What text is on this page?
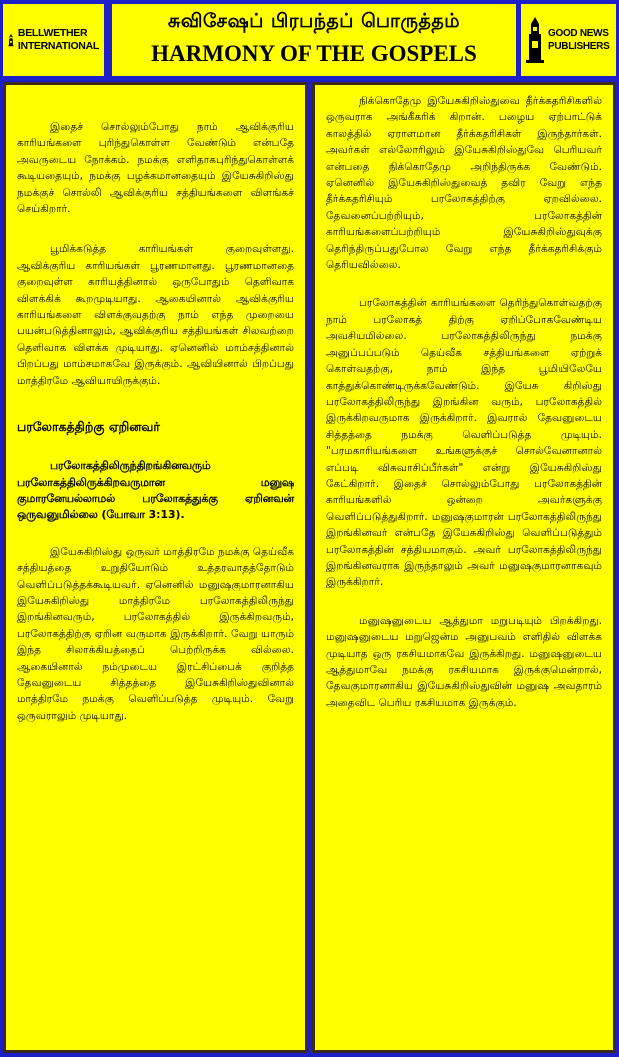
BELLWETHER
INTERNATIONAL
சுவிசேஷப் பிரபந்தப் பொருத்தம்
HARMONY OF THE GOSPELS
GOOD NEWS
PUBLISHERS

இதைச் சொல்லும்போது நாம் ஆவிக்குரிய காரியங்களை புரிந்துகொள்ள வேண்டும் என்பதே அவருடைய நோக்கம். நமக்கு எளிதாகபுரிந்துகொள்ளக் கூடியதையும், நமக்கு பழக்கமானதையும் இயேசுகிறிஸ்து நமக்குச் சொல்லி ஆவிக்குரிய சத்தியங்களை விளங்கச் செய்கிறார்.

பூமிக்கடுத்த காரியங்கள் குறைவுள்ளது. ஆவிக்குரிய காரியங்கள் பூரணமானது. பூரணமானதை குறைவுள்ள காரியத்தினால் ஒருபோதும் தெளிவாக விளக்கிக் கூறமுடியாது. ஆகையினால் ஆவிக்குரிய காரியங்களை விளக்குவதற்கு நாம் எந்த முறையை பயன்படுத்தினாலும், ஆவிக்குரிய சத்தியங்கள் சிலவற்றை தெளிவாக விளக்க முடியாது. ஏனெனில் மாம்சத்தினால் பிறப்பது மாம்சமாகவே இருக்கும். ஆவியினால் பிறப்பது மாத்திரமே ஆவியாயிருக்கும்.

பரலோகத்திற்கு ஏறினவர்

பரலோகத்திலிருந்திறங்கினவரும் பரலோகத்திலிருக்கிறவருமான மனுஷ குமாரனேயல்லாமல் பரலோகத்துக்கு ஏறினவன் ஒருவனுமில்லை (யோவா 3:13).

இயேசுகிறிஸ்து ஒருவர் மாத்திரமே நமக்கு தெய்வீக சத்தியத்தை உறுதியோடும் உத்தரவாதத்தோடும் வெளிப்படுத்தக்கூடியவர். ஏனெனில் மனுஷகுமாரனாகிய இயேசுகிறிஸ்து மாத்திரமே பரலோகத்திலிருந்து இறங்கினவரும், பரலோகத்தில் இருக்கிறவரும், பரலோகத்திற்கு ஏறின வருமாக இருக்கிறார். வேறு யாரும் இந்த சிலாக்கியத்தைப் பெற்றிருக்க வில்லை. ஆகையினால் நம்முடைய இரட்சிப்பைக் குறித்த தேவனுடைய சித்தத்தை இயேசுகிறிஸ்துவினால் மாத்திரமே நமக்கு வெளிப்படுத்த முடியும். வேறு ஒருவராலும் முடியாது.

நிக்கொதேமு இயேசுகிறிஸ்துவை தீர்க்கதரிசிகளில் ஒருவராக அங்கீகரிக் கிறான். பழைய ஏற்பாட்டுக் காலத்தில் ஏராளமான தீர்க்கதரிசிகள் இருந்தார்கள். அவர்கள் எல்லோரிலும் இயேசுகிறிஸ்துவே பெரியவர் என்பதை நிக்கொதேமு அறிந்திருக்க வேண்டும். ஏனெனில் இயேசுகிறிஸ்துவைத் தவிர வேறு எந்த தீர்க்கதரிசியும் பரலோகத்திற்கு ஏறவில்லை. தேவனைப்பற்றியும், பரலோகத்தின் காரியங்களைப்பற்றியும் இயேசுகிறிஸ்துவுக்கு தெரிந்திருப்பதுபோல வேறு எந்த தீர்க்கதரிசிக்கும் தெரியவில்லை.

பரலோகத்தின் காரியங்களை தெரிந்துகொள்வதற்கு நாம் பரலோகத் திற்கு ஏறிப்போகவேண்டிய அவசியமில்லை. பரலோகத்திலிருந்து நமக்கு அனுப்பப்படும் தெய்வீக சத்தியங்களை ஏற்றுக் கொள்வதற்கு, நாம் இந்த பூமியிலேயே காத்துக்கொண்டிருக்கவேண்டும். இயேசு கிறிஸ்து பரலோகத்திலிருந்து இறங்கின வரும், பரலோகத்தில் இருக்கிறவருமாக இருக்கிறார். இவரால் தேவனுடைய சித்தத்தை நமக்கு வெளிப்படுத்த முடியும். "பரமகாரியங்களை உங்களுக்குச் சொல்வேனானால் எப்படி விசுவாசிப்பீர்கள்" என்று இயேசுகிறிஸ்து கேட்கிறார். இதைச் சொல்லும்போது பரலோகத்தின் காரியங்களில் ஒன்றை அவர்களுக்கு வெளிப்படுத்துகிறார். மனுஷகுமாரன் பரலோகத்திலிருந்து இறங்கினவர் என்பதே இயேசுகிறிஸ்து வெளிப்படுத்தும் பரலோகத்தின் சத்தியமாகும். அவர் பரலோகத்திலிருந்து இறங்கினவராக இருந்தாலும் அவர் மனுஷகுமாரனாகவும் இருக்கிறார்.

மனுஷனுடைய ஆத்துமா மறுபடியும் பிறக்கிறது. மனுஷனுடைய மறுஜென்ம அனுபவம் எளிதில் விளக்க முடியாத ஒரு ரகசியமாகவே இருக்கிறது. மனுஷனுடைய ஆத்துமாவே நமக்கு ரகசியமாக இருக்குமென்றால், தேவகுமாரனாகிய இயேசுகிறிஸ்துவின் மனுஷ அவதாரம் அதைவிட பெரிய ரகசியமாக இருக்கும்.
